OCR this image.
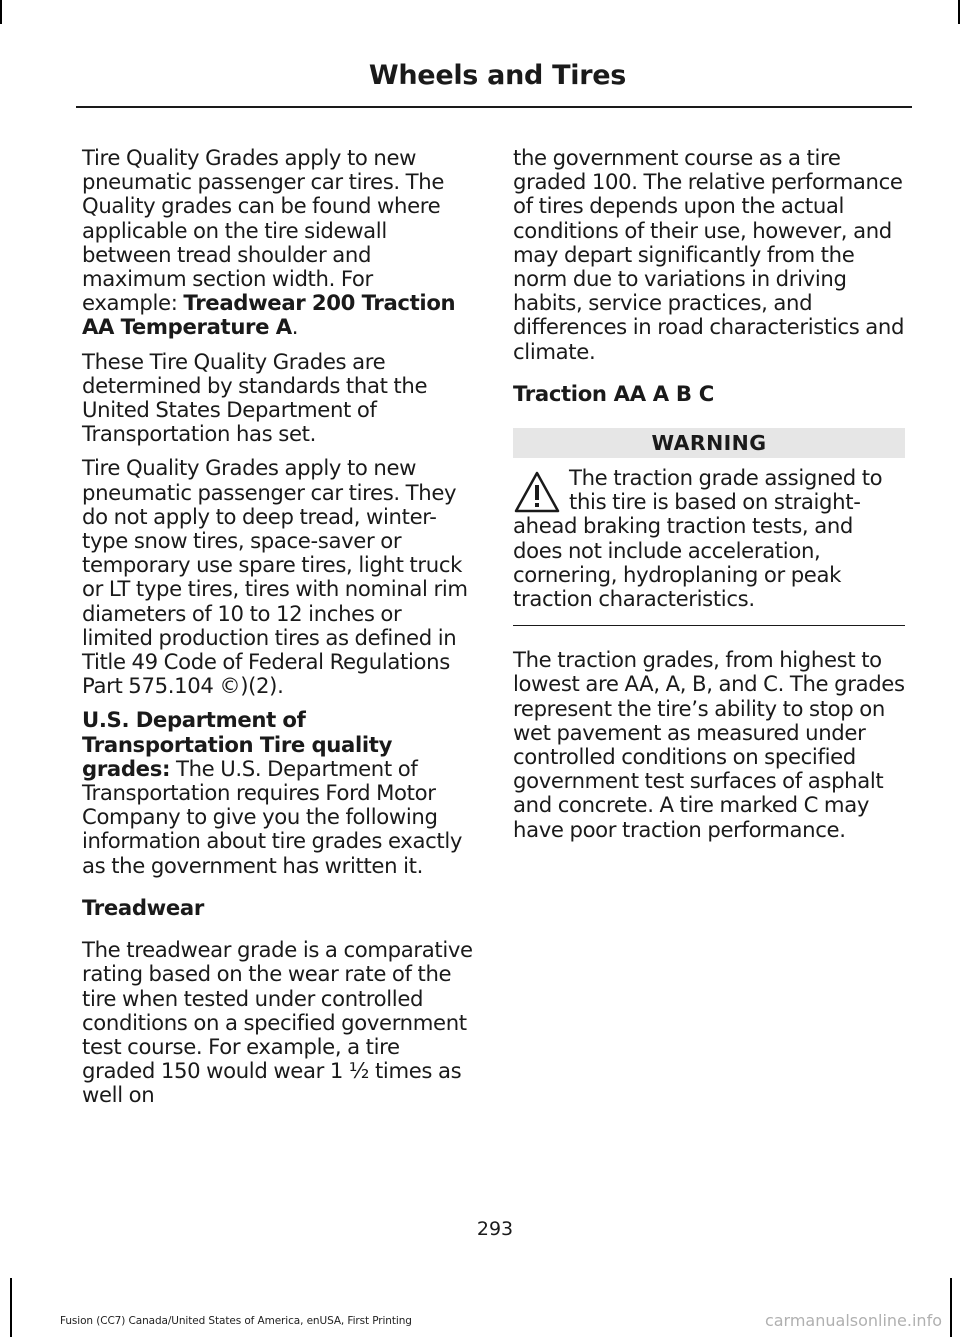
Wheels and Tires

Tire Quality Grades apply to new pneumatic passenger car tires. The Quality grades can be found where applicable on the tire sidewall between tread shoulder and maximum section width. For example: Treadwear 200 Traction AA Temperature A.

These Tire Quality Grades are determined by standards that the United States Department of Transportation has set.

Tire Quality Grades apply to new pneumatic passenger car tires. They do not apply to deep tread, winter-type snow tires, space-saver or temporary use spare tires, light truck or LT type tires, tires with nominal rim diameters of 10 to 12 inches or limited production tires as defined in Title 49 Code of Federal Regulations Part 575.104 ©)(2).

U.S. Department of Transportation Tire quality grades: The U.S. Department of Transportation requires Ford Motor Company to give you the following information about tire grades exactly as the government has written it.

Treadwear

The treadwear grade is a comparative rating based on the wear rate of the tire when tested under controlled conditions on a specified government test course. For example, a tire graded 150 would wear 1 ½ times as well on

the government course as a tire graded 100. The relative performance of tires depends upon the actual conditions of their use, however, and may depart significantly from the norm due to variations in driving habits, service practices, and differences in road characteristics and climate.

Traction AA A B C
WARNING

The traction grade assigned to this tire is based on straight-ahead braking traction tests, and does not include acceleration, cornering, hydroplaning or peak traction characteristics.

The traction grades, from highest to lowest are AA, A, B, and C. The grades represent the tire’s ability to stop on wet pavement as measured under controlled conditions on specified government test surfaces of asphalt and concrete. A tire marked C may have poor traction performance.

293
Fusion (CC7) Canada/United States of America, enUSA, First Printing	carmanualsonline.info
